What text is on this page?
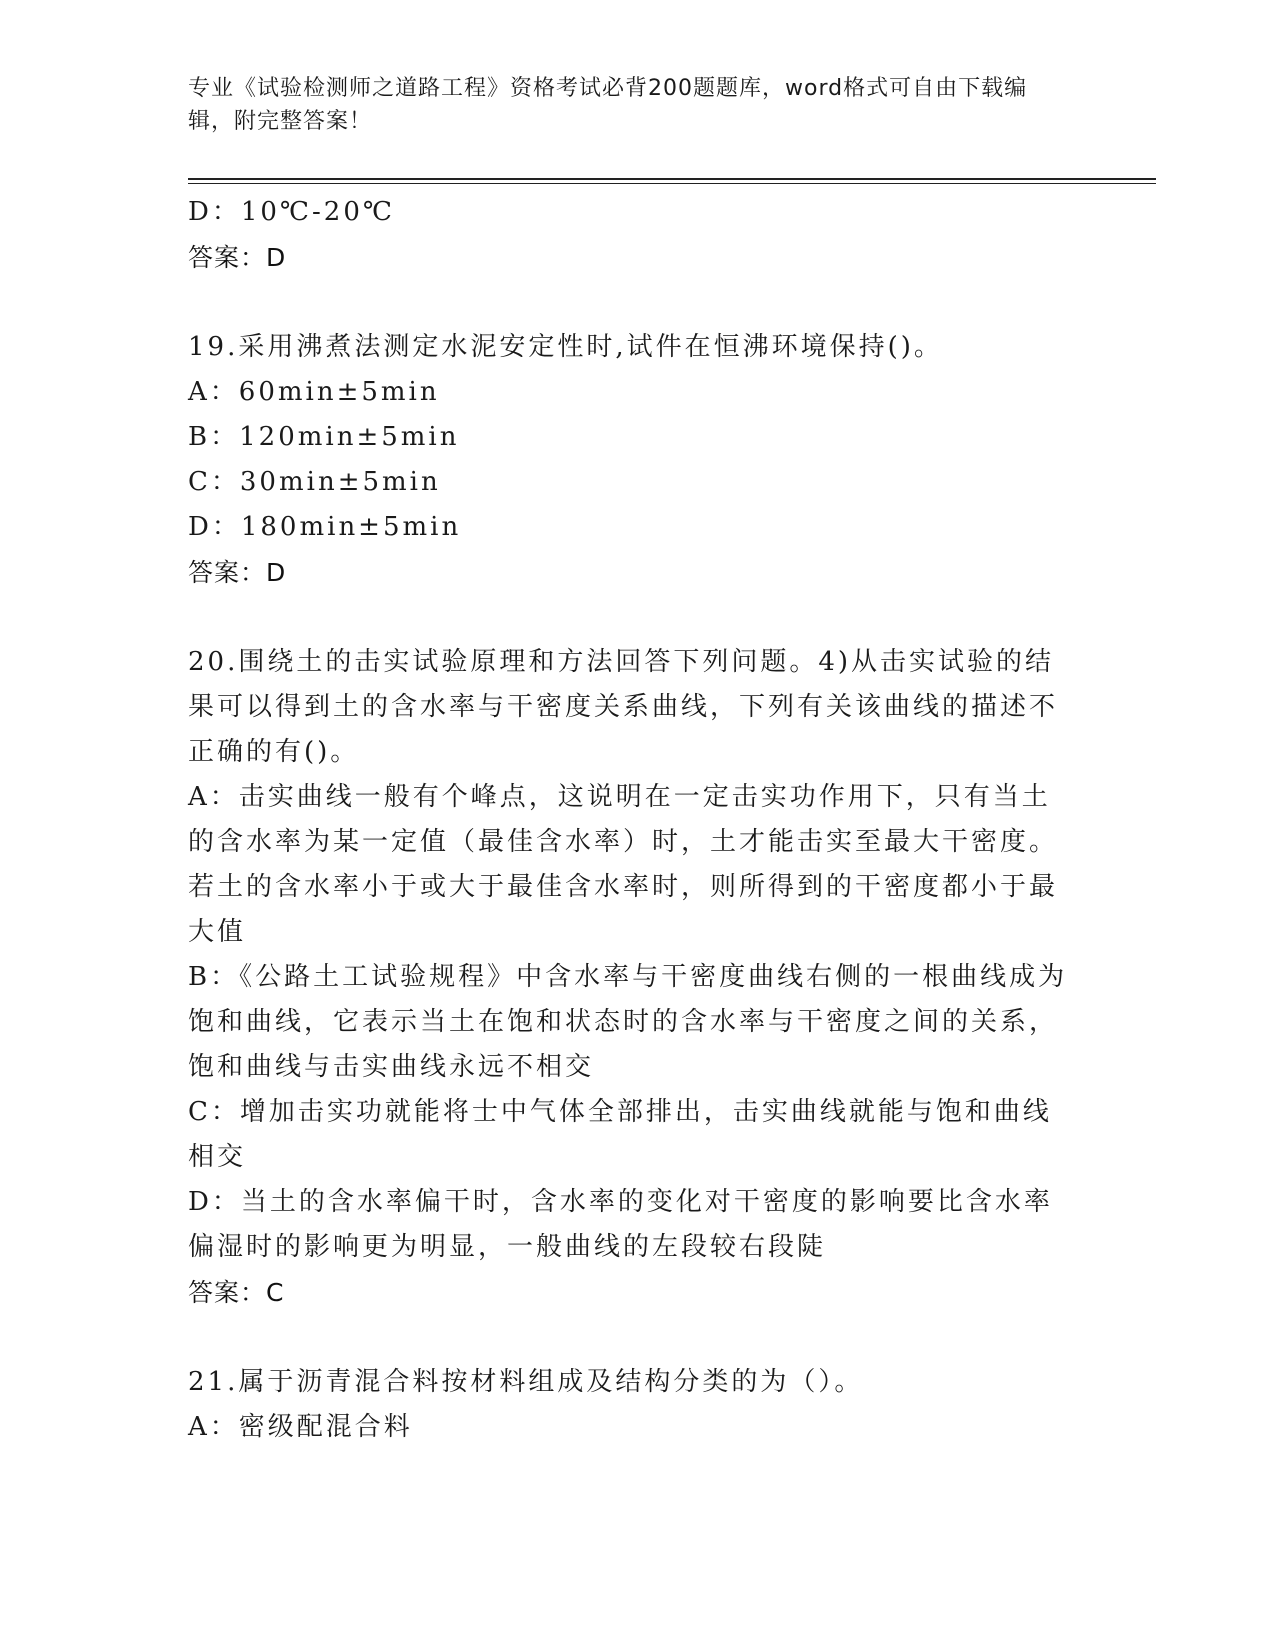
专业《试验检测师之道路工程》资格考试必背200题题库，word格式可自由下载编辑，附完整答案！
D：10℃-20℃
答案：D
19.采用沸煮法测定水泥安定性时,试件在恒沸环境保持()。
A：60min±5min
B：120min±5min
C：30min±5min
D：180min±5min
答案：D
20.围绕土的击实试验原理和方法回答下列问题。4)从击实试验的结果可以得到土的含水率与干密度关系曲线，下列有关该曲线的描述不正确的有()。
A：击实曲线一般有个峰点，这说明在一定击实功作用下，只有当土的含水率为某一定值（最佳含水率）时，土才能击实至最大干密度。若土的含水率小于或大于最佳含水率时，则所得到的干密度都小于最大值
B：《公路土工试验规程》中含水率与干密度曲线右侧的一根曲线成为饱和曲线，它表示当土在饱和状态时的含水率与干密度之间的关系，饱和曲线与击实曲线永远不相交
C：增加击实功就能将士中气体全部排出，击实曲线就能与饱和曲线相交
D：当土的含水率偏干时，含水率的变化对干密度的影响要比含水率偏湿时的影响更为明显，一般曲线的左段较右段陡
答案：C
21.属于沥青混合料按材料组成及结构分类的为（）。
A：密级配混合料
